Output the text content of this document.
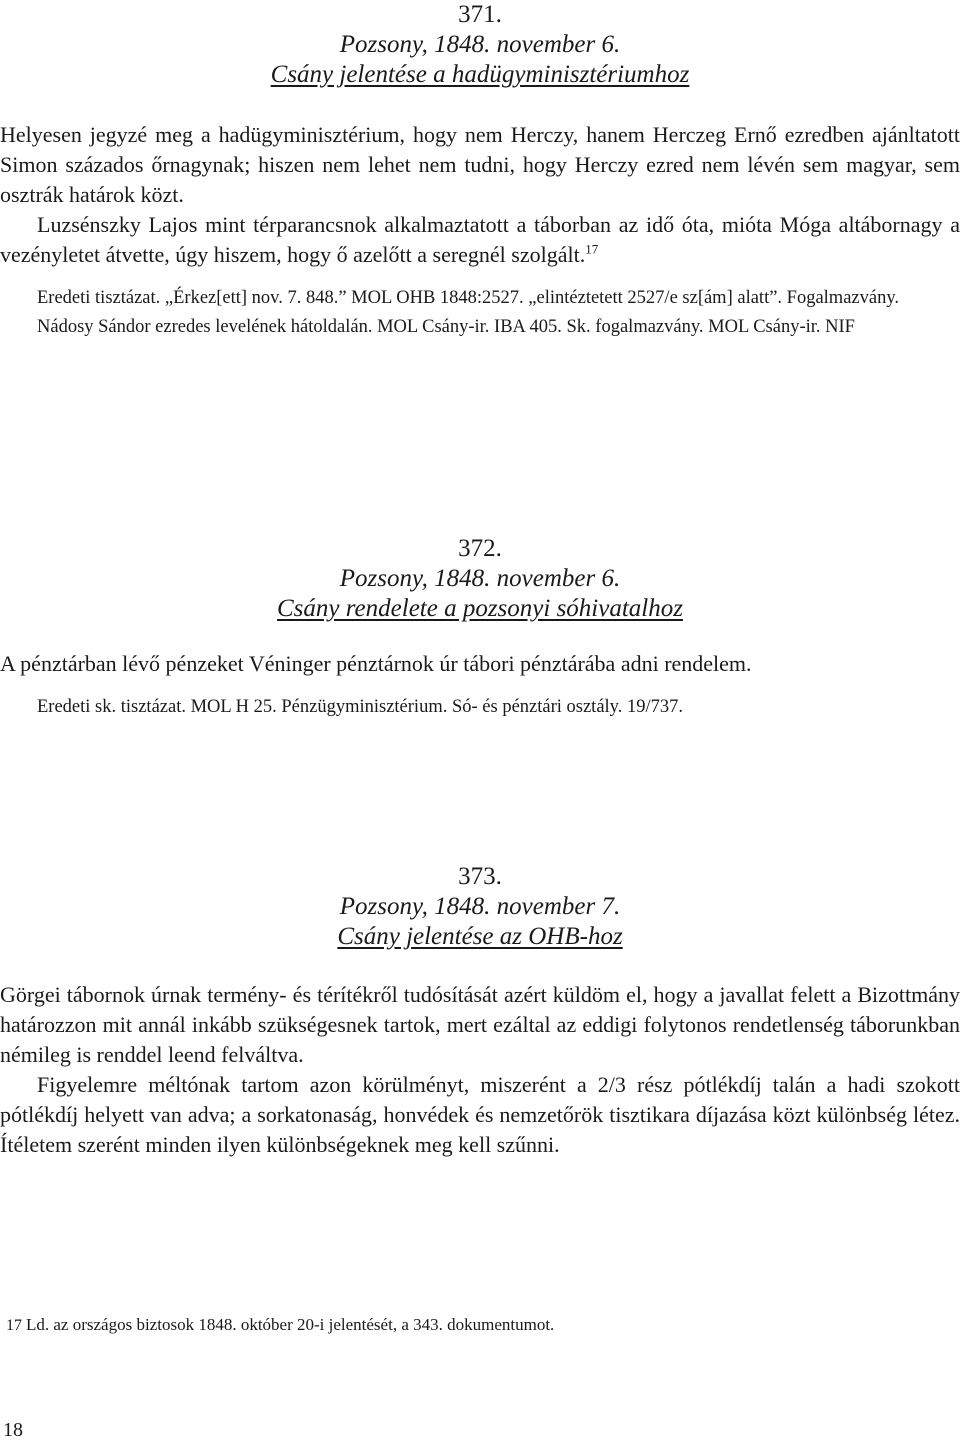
371.
Pozsony, 1848. november 6.
Csány jelentése a hadügyminisztériumhoz

Helyesen jegyzé meg a hadügyminisztérium, hogy nem Herczy, hanem Herczeg Ernő ezredben ajánltatott Simon százados őrnagynak; hiszen nem lehet nem tudni, hogy Herczy ezred nem lévén sem magyar, sem osztrák határok közt.

Luzsénszky Lajos mint térparancsnok alkalmaztatott a táborban az idő óta, mióta Móga altábornagy a vezényletet átvette, úgy hiszem, hogy ő azelőtt a seregnél szolgált.$^{17}$

Eredeti tisztázat. „Érkez[ett] nov. 7. 848.” MOL OHB 1848:2527. „elintéztetett 2527/e sz[ám] alatt”. Fogalmazvány. Nádosy Sándor ezredes levelének hátoldalán. MOL Csány-ir. IBA 405. Sk. fogalmazvány. MOL Csány-ir. NIF

372.
Pozsony, 1848. november 6.
Csány rendelete a pozsonyi sóhivatalhoz

A pénztárban lévő pénzeket Véninger pénztárnok úr tábori pénztárába adni rendelem.

Eredeti sk. tisztázat. MOL H 25. Pénzügyminisztérium. Só- és pénztári osztály. 19/737.

373.
Pozsony, 1848. november 7.
Csány jelentése az OHB-hoz

Görgei tábornok úrnak termény- és térítékről tudósítását azért küldöm el, hogy a javallat felett a Bizottmány határozzon mit annál inkább szükségesnek tartok, mert ezáltal az eddigi folytonos rendetlenség táborunkban némileg is renddel leend felváltva.

Figyelemre méltónak tartom azon körülményt, miszerént a 2/3 rész pótlékdíj talán a hadi szokott pótlékdíj helyett van adva; a sorkatonaság, honvédek és nemzetőrök tisztikara díjazása közt különbség létez. Ítéletem szerént minden ilyen különbségeknek meg kell szűnni.

17 Ld. az országos biztosok 1848. október 20-i jelentését, a 343. dokumentumot.
18
